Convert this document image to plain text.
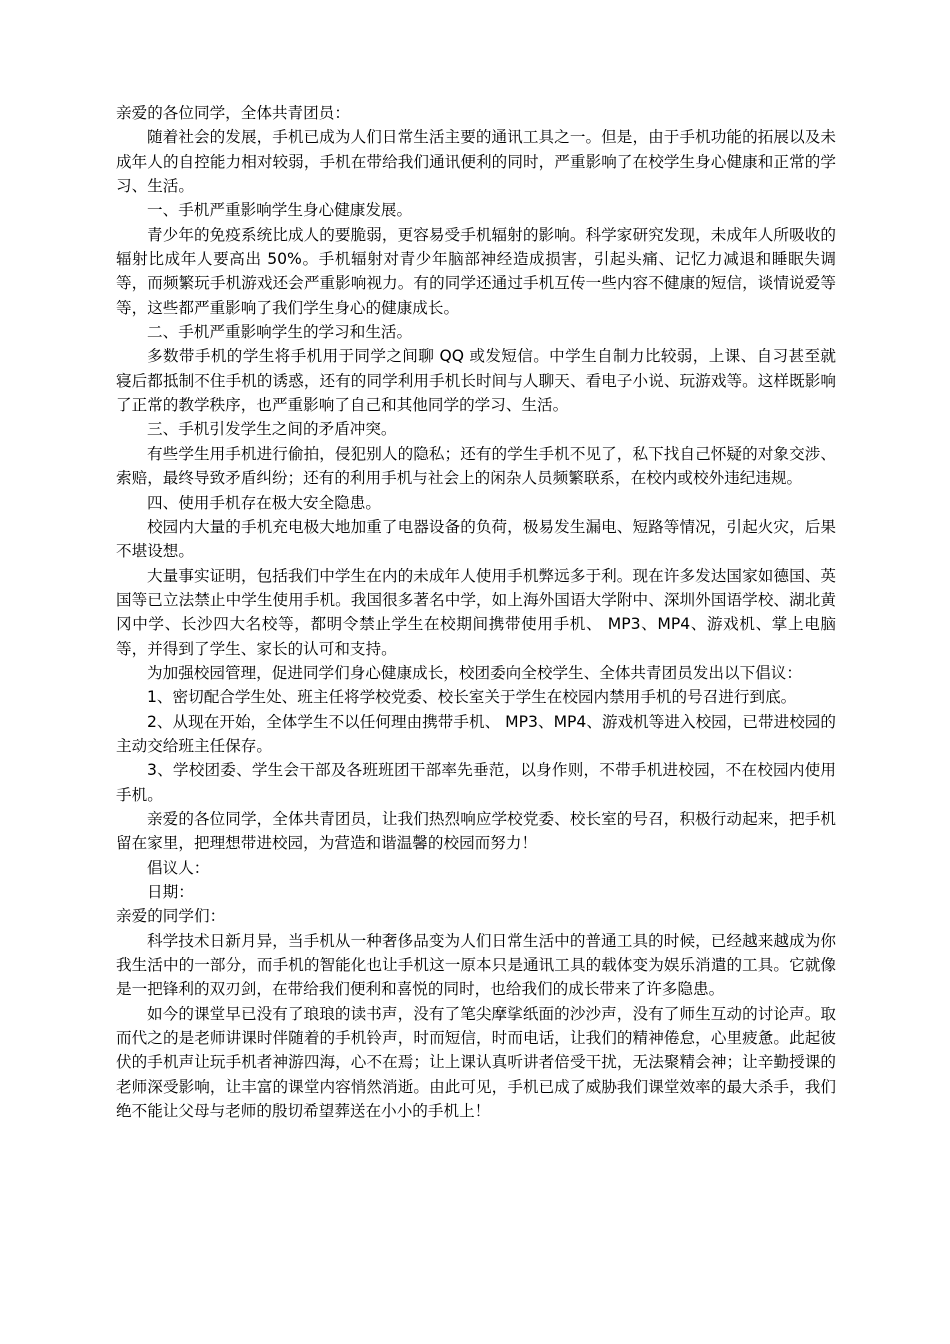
亲爱的各位同学，全体共青团员：

随着社会的发展，手机已成为人们日常生活主要的通讯工具之一。但是，由于手机功能的拓展以及未成年人的自控能力相对较弱，手机在带给我们通讯便利的同时，严重影响了在校学生身心健康和正常的学习、生活。

一、手机严重影响学生身心健康发展。

青少年的免疫系统比成人的要脆弱，更容易受手机辐射的影响。科学家研究发现，未成年人所吸收的辐射比成年人要高出 50%。手机辐射对青少年脑部神经造成损害，引起头痛、记忆力减退和睡眠失调等，而频繁玩手机游戏还会严重影响视力。有的同学还通过手机互传一些内容不健康的短信，谈情说爱等等，这些都严重影响了我们学生身心的健康成长。

二、手机严重影响学生的学习和生活。

多数带手机的学生将手机用于同学之间聊 QQ 或发短信。中学生自制力比较弱，上课、自习甚至就寝后都抵制不住手机的诱惑，还有的同学利用手机长时间与人聊天、看电子小说、玩游戏等。这样既影响了正常的教学秩序，也严重影响了自己和其他同学的学习、生活。

三、手机引发学生之间的矛盾冲突。

有些学生用手机进行偷拍，侵犯别人的隐私；还有的学生手机不见了，私下找自己怀疑的对象交涉、索赔，最终导致矛盾纠纷；还有的利用手机与社会上的闲杂人员频繁联系，在校内或校外违纪违规。

四、使用手机存在极大安全隐患。

校园内大量的手机充电极大地加重了电器设备的负荷，极易发生漏电、短路等情况，引起火灾，后果不堪设想。

大量事实证明，包括我们中学生在内的未成年人使用手机弊远多于利。现在许多发达国家如德国、英国等已立法禁止中学生使用手机。我国很多著名中学，如上海外国语大学附中、深圳外国语学校、湖北黄冈中学、长沙四大名校等，都明令禁止学生在校期间携带使用手机、 MP3、MP4、游戏机、掌上电脑等，并得到了学生、家长的认可和支持。

为加强校园管理，促进同学们身心健康成长，校团委向全校学生、全体共青团员发出以下倡议：

1、密切配合学生处、班主任将学校党委、校长室关于学生在校园内禁用手机的号召进行到底。

2、从现在开始，全体学生不以任何理由携带手机、 MP3、MP4、游戏机等进入校园，已带进校园的主动交给班主任保存。

3、学校团委、学生会干部及各班班团干部率先垂范，以身作则，不带手机进校园，不在校园内使用手机。

亲爱的各位同学，全体共青团员，让我们热烈响应学校党委、校长室的号召，积极行动起来，把手机留在家里，把理想带进校园，为营造和谐温馨的校园而努力！

倡议人：

日期：

亲爱的同学们：

科学技术日新月异，当手机从一种奢侈品变为人们日常生活中的普通工具的时候，已经越来越成为你我生活中的一部分，而手机的智能化也让手机这一原本只是通讯工具的载体变为娱乐消遣的工具。它就像是一把锋利的双刃剑，在带给我们便利和喜悦的同时，也给我们的成长带来了许多隐患。

如今的课堂早已没有了琅琅的读书声，没有了笔尖摩挲纸面的沙沙声，没有了师生互动的讨论声。取而代之的是老师讲课时伴随着的手机铃声，时而短信，时而电话，让我们的精神倦怠，心里疲惫。此起彼伏的手机声让玩手机者神游四海，心不在焉；让上课认真听讲者倍受干扰，无法聚精会神；让辛勤授课的老师深受影响，让丰富的课堂内容悄然消逝。由此可见，手机已成了威胁我们课堂效率的最大杀手，我们绝不能让父母与老师的殷切希望葬送在小小的手机上！
